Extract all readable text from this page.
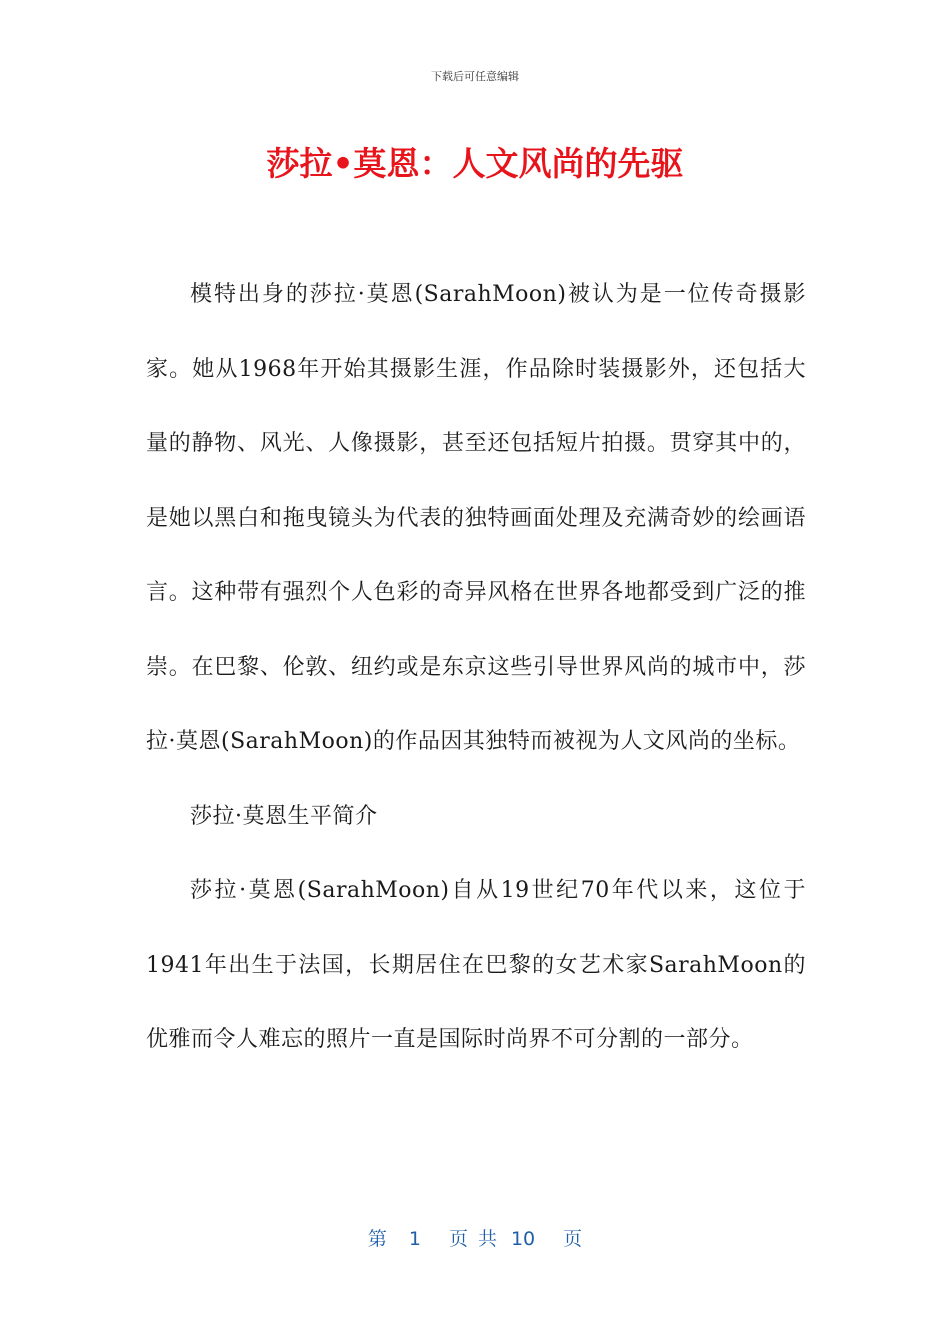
下载后可任意编辑
莎拉•莫恩：人文风尚的先驱

模特出身的莎拉·莫恩(SarahMoon)被认为是一位传奇摄影家。她从1968年开始其摄影生涯，作品除时装摄影外，还包括大量的静物、风光、人像摄影，甚至还包括短片拍摄。贯穿其中的，是她以黑白和拖曳镜头为代表的独特画面处理及充满奇妙的绘画语言。这种带有强烈个人色彩的奇异风格在世界各地都受到广泛的推崇。在巴黎、伦敦、纽约或是东京这些引导世界风尚的城市中，莎拉·莫恩(SarahMoon)的作品因其独特而被视为人文风尚的坐标。

莎拉·莫恩生平简介

莎拉·莫恩(SarahMoon)自从19世纪70年代以来，这位于1941年出生于法国，长期居住在巴黎的女艺术家SarahMoon的优雅而令人难忘的照片一直是国际时尚界不可分割的一部分。

第 1 页 共 10 页
